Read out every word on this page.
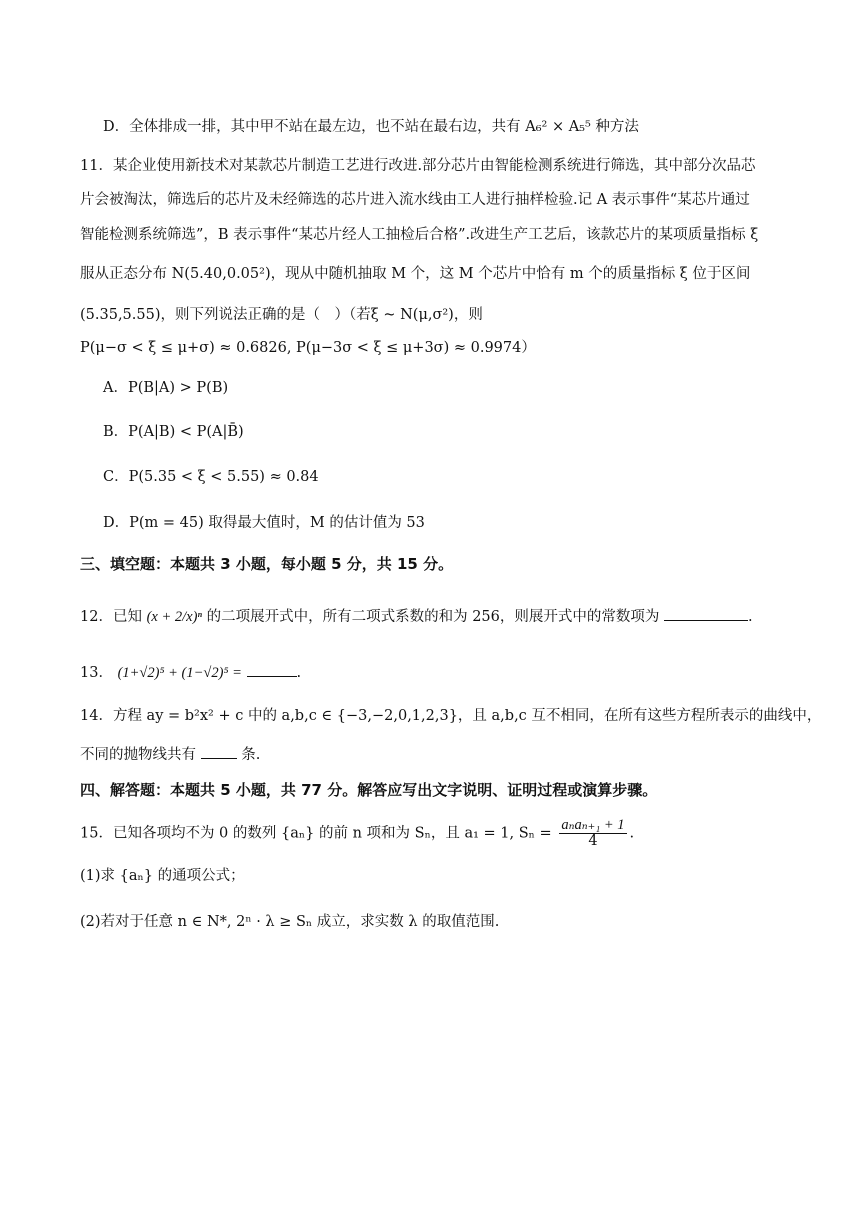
D．全体排成一排，其中甲不站在最左边，也不站在最右边，共有 A₆² × A₅⁵ 种方法
11．某企业使用新技术对某款芯片制造工艺进行改进.部分芯片由智能检测系统进行筛选，其中部分次品芯
片会被淘汰，筛选后的芯片及未经筛选的芯片进入流水线由工人进行抽样检验.记 A 表示事件“某芯片通过
智能检测系统筛选”，B 表示事件“某芯片经人工抽检后合格”.改进生产工艺后，该款芯片的某项质量指标 ξ
服从正态分布 N(5.40,0.05²)，现从中随机抽取 M 个，这 M 个芯片中恰有 m 个的质量指标 ξ 位于区间
(5.35,5.55)，则下列说法正确的是（　）（若ξ ~ N(μ,σ²)，则
P(μ−σ < ξ ≤ μ+σ) ≈ 0.6826, P(μ−3σ < ξ ≤ μ+3σ) ≈ 0.9974）
A．P(B|A) > P(B)
B．P(A|B) < P(A|B̄)
C．P(5.35 < ξ < 5.55) ≈ 0.84
D．P(m = 45) 取得最大值时，M 的估计值为 53
三、填空题：本题共 3 小题，每小题 5 分，共 15 分。
12．已知 (x + 2/x)ⁿ 的二项展开式中，所有二项式系数的和为 256，则展开式中的常数项为	.
13． (1+√2)⁵ + (1−√2)⁵ =	.
14．方程 ay = b²x² + c 中的 a,b,c ∈ {−3,−2,0,1,2,3}，且 a,b,c 互不相同，在所有这些方程所表示的曲线中，
不同的抛物线共有	条.
四、解答题：本题共 5 小题，共 77 分。解答应写出文字说明、证明过程或演算步骤。
15．已知各项均不为 0 的数列 {aₙ} 的前 n 项和为 Sₙ，且 a₁ = 1, $S_n = \frac{\text{aₙaₙ₊₁ + 1}}{4}$ .
(1)求 {aₙ} 的通项公式；
(2)若对于任意 n ∈ N*, 2ⁿ · λ ≥ Sₙ 成立，求实数 λ 的取值范围.
